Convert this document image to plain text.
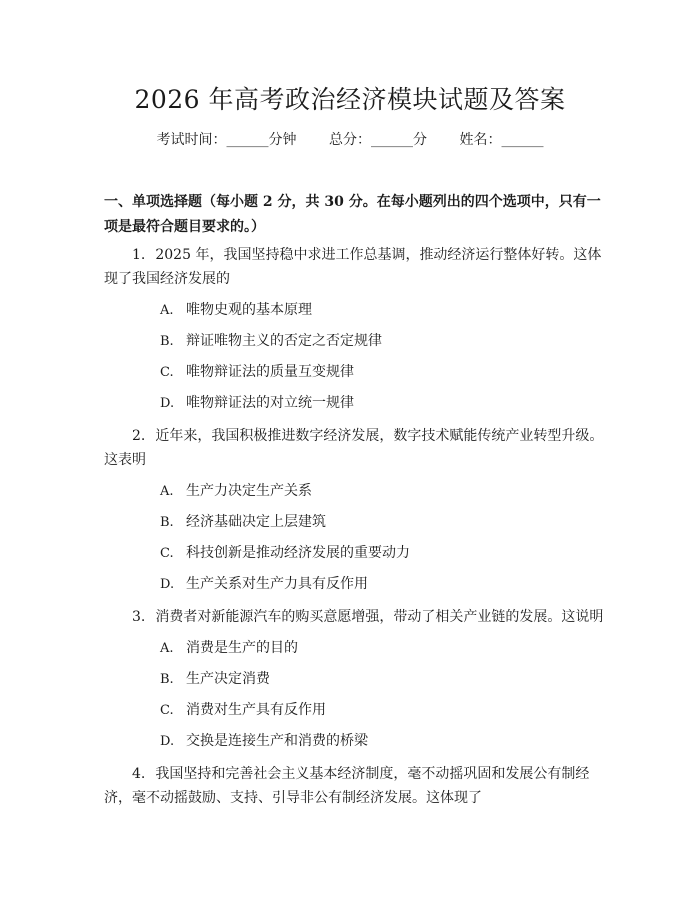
2026 年高考政治经济模块试题及答案
考试时间：______分钟 总分：______分 姓名：______
一、单项选择题（每小题 2 分，共 30 分。在每小题列出的四个选项中，只有一项是最符合题目要求的。）

1. 2025 年，我国坚持稳中求进工作总基调，推动经济运行整体好转。这体现了我国经济发展的

A. 唯物史观的基本原理
B. 辩证唯物主义的否定之否定规律
C. 唯物辩证法的质量互变规律
D. 唯物辩证法的对立统一规律

2. 近年来，我国积极推进数字经济发展，数字技术赋能传统产业转型升级。这表明

A. 生产力决定生产关系
B. 经济基础决定上层建筑
C. 科技创新是推动经济发展的重要动力
D. 生产关系对生产力具有反作用

3. 消费者对新能源汽车的购买意愿增强，带动了相关产业链的发展。这说明

A. 消费是生产的目的
B. 生产决定消费
C. 消费对生产具有反作用
D. 交换是连接生产和消费的桥梁

4. 我国坚持和完善社会主义基本经济制度，毫不动摇巩固和发展公有制经济，毫不动摇鼓励、支持、引导非公有制经济发展。这体现了
